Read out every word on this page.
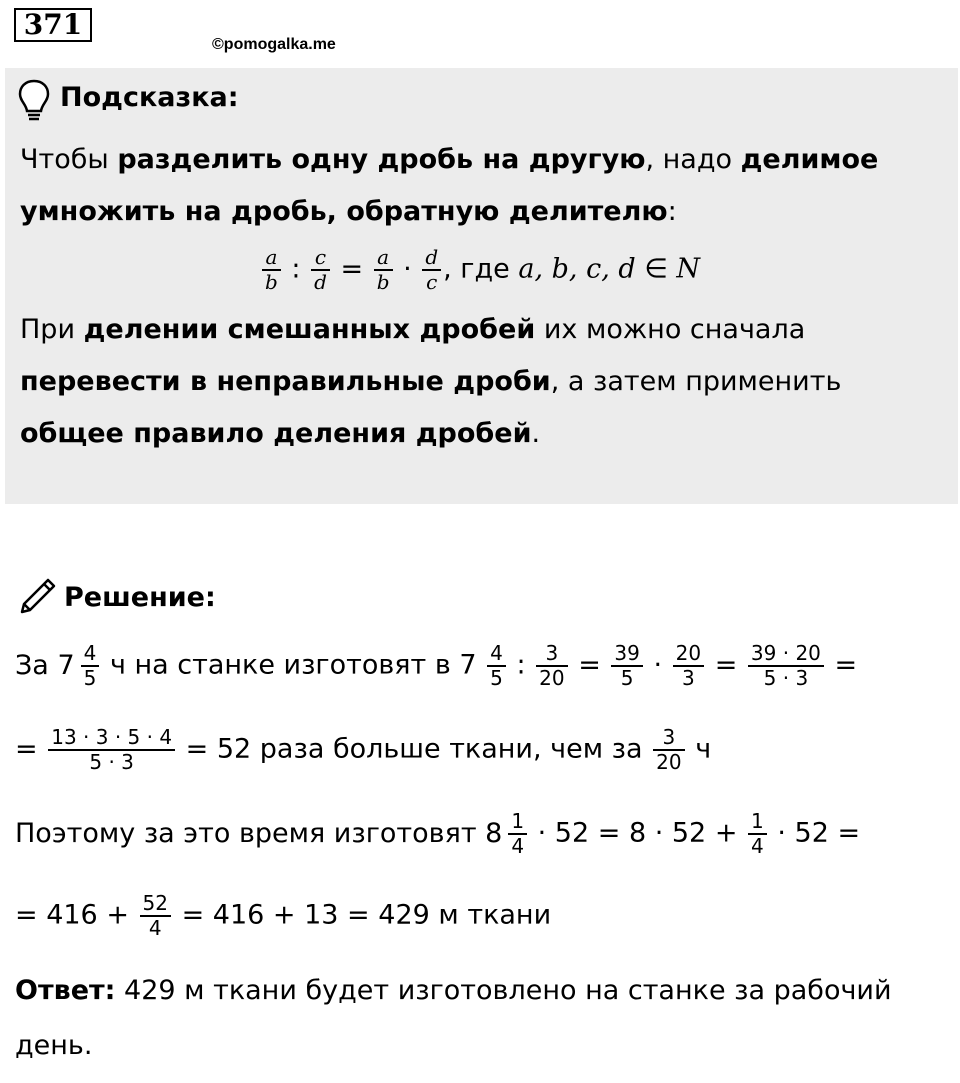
371
©pomogalka.me
Подсказка:
Чтобы разделить одну дробь на другую, надо делимое
умножить на дробь, обратную делителю:
$\frac{a}{b}$ : $\frac{c}{d} = \frac{a}{b} \cdot \frac{d}{c}$ , где a, b, c, d ∈ N
При делении смешанных дробей их можно сначала
перевести в неправильные дроби, а затем применить
общее правило деления дробей.
Решение:
За $7 \frac{4}{5}$ ч на станке изготовят в $7 \frac{4}{5}$ : $\frac{3}{20} = \frac{39}{5} \cdot \frac{20}{3} = \frac{39 \cdot 20}{5 \cdot 3}$ =
= $\frac{13 \cdot 3 \cdot 5 \cdot 4}{5 \cdot 3} = 52$ раза больше ткани, чем за $\frac{3}{20}$ ч
Поэтому за это время изготовят $8 \frac{1}{4} \cdot 52 = 8 \cdot 52 + \frac{1}{4} \cdot 52$ =
= $416 + \frac{52}{4} = 416 + 13 = 429$ м ткани
Ответ: 429 м ткани будет изготовлено на станке за рабочий
день.
